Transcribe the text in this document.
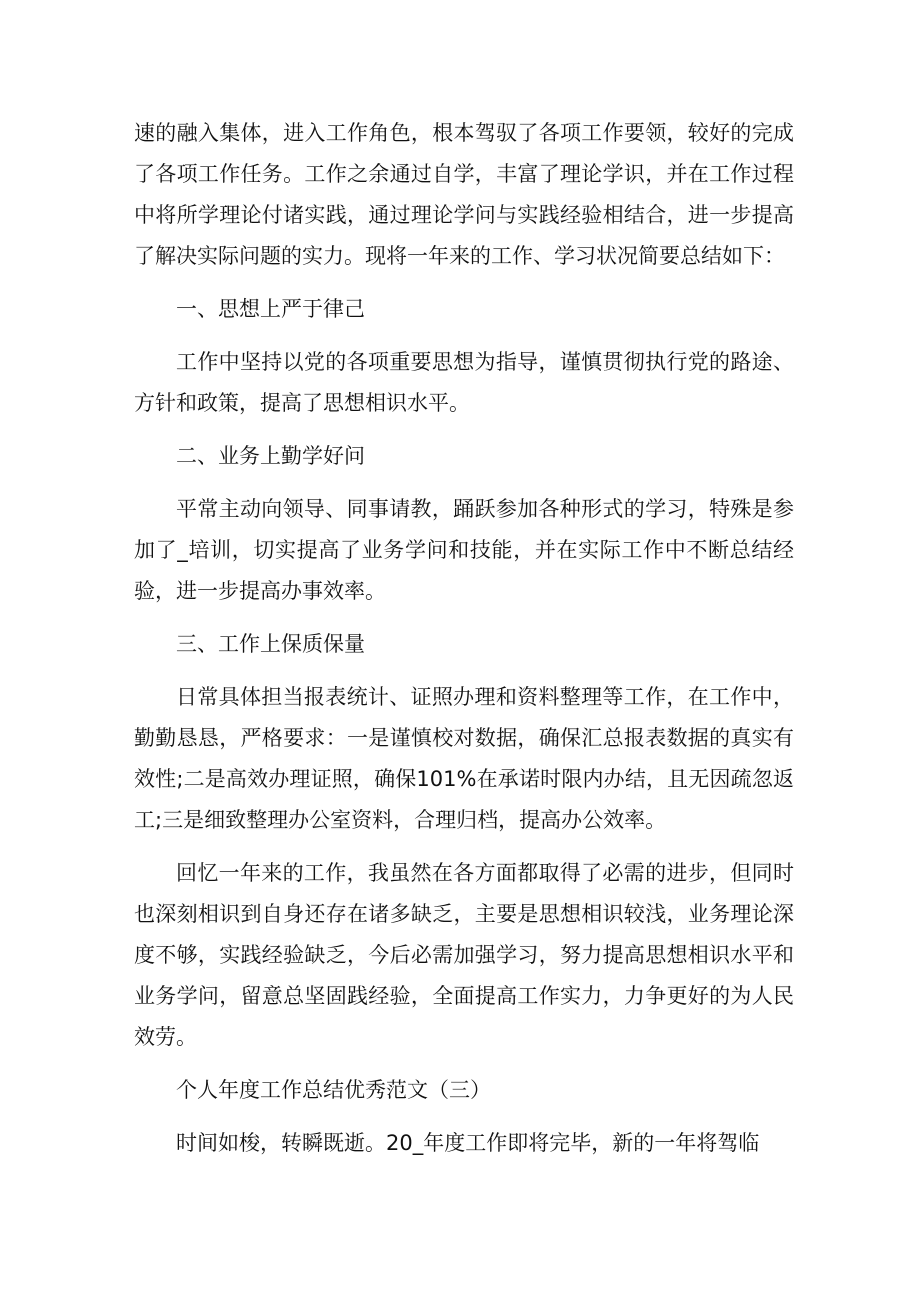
速的融入集体，进入工作角色，根本驾驭了各项工作要领，较好的完成了各项工作任务。工作之余通过自学，丰富了理论学识，并在工作过程中将所学理论付诸实践，通过理论学问与实践经验相结合，进一步提高了解决实际问题的实力。现将一年来的工作、学习状况简要总结如下：

一、思想上严于律己

工作中坚持以党的各项重要思想为指导，谨慎贯彻执行党的路途、方针和政策，提高了思想相识水平。

二、业务上勤学好问

平常主动向领导、同事请教，踊跃参加各种形式的学习，特殊是参加了_培训，切实提高了业务学问和技能，并在实际工作中不断总结经验，进一步提高办事效率。

三、工作上保质保量

日常具体担当报表统计、证照办理和资料整理等工作，在工作中，勤勤恳恳，严格要求：一是谨慎校对数据，确保汇总报表数据的真实有效性;二是高效办理证照，确保101%在承诺时限内办结，且无因疏忽返工;三是细致整理办公室资料，合理归档，提高办公效率。

回忆一年来的工作，我虽然在各方面都取得了必需的进步，但同时也深刻相识到自身还存在诸多缺乏，主要是思想相识较浅，业务理论深度不够，实践经验缺乏，今后必需加强学习，努力提高思想相识水平和业务学问，留意总坚固践经验，全面提高工作实力，力争更好的为人民效劳。

个人年度工作总结优秀范文（三）

时间如梭，转瞬既逝。20_年度工作即将完毕，新的一年将驾临
